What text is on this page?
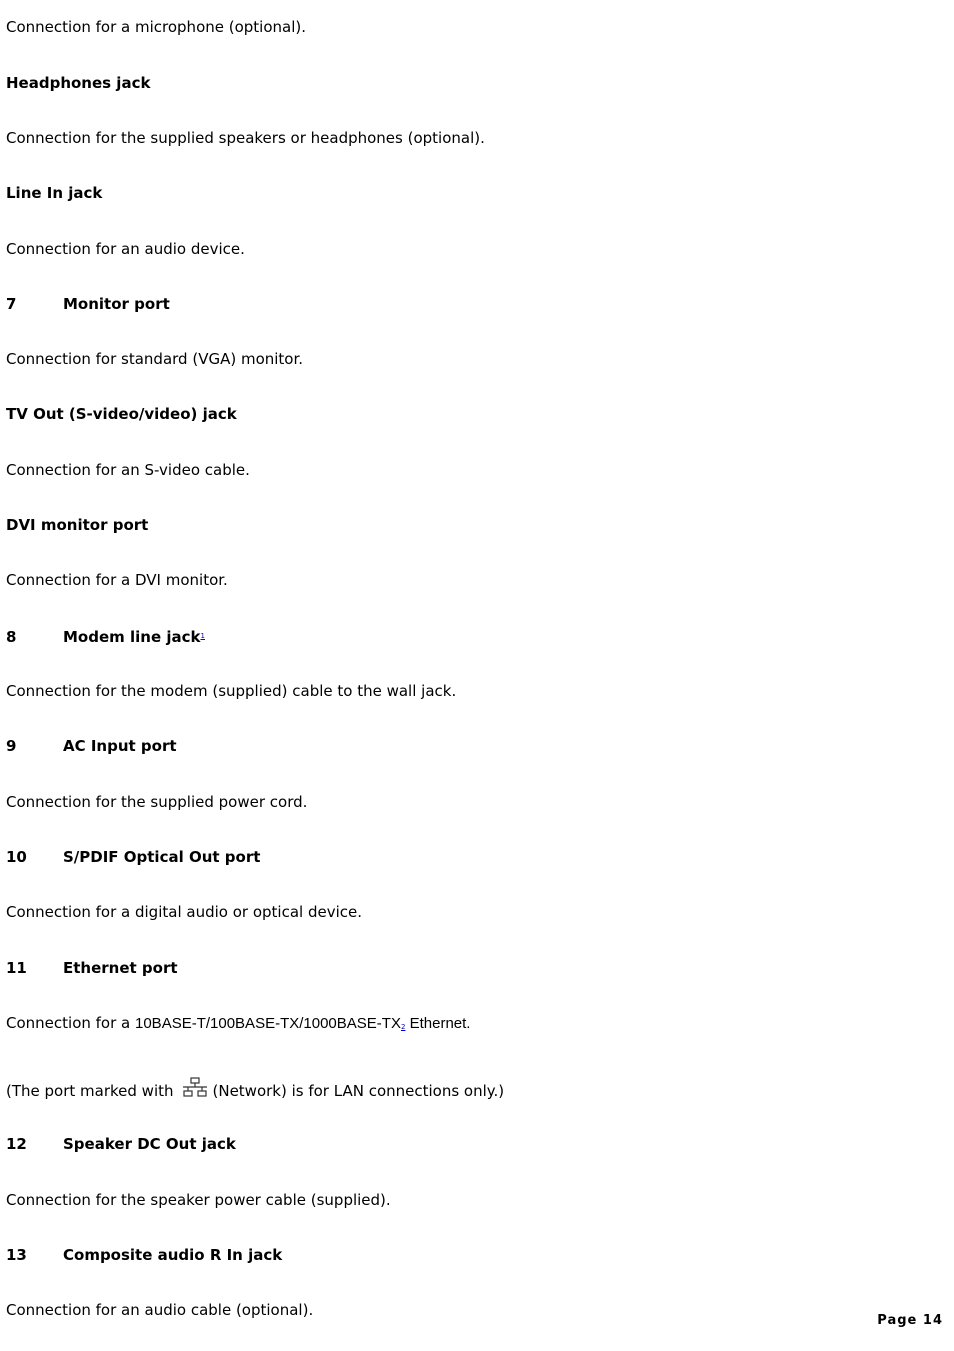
Connection for a microphone (optional).
Headphones jack
Connection for the supplied speakers or headphones (optional).
Line In jack
Connection for an audio device.
7	Monitor port
Connection for standard (VGA) monitor.
TV Out (S-video/video) jack
Connection for an S-video cable.
DVI monitor port
Connection for a DVI monitor.
8	Modem line jack$^1$
Connection for the modem (supplied) cable to the wall jack.
9	AC Input port
Connection for the supplied power cord.
10 S/PDIF Optical Out port
Connection for a digital audio or optical device.
11 Ethernet port
Connection for a 10BASE-T/100BASE-TX/1000BASE-TX2 Ethernet.
(The port marked with	(Network) is for LAN connections only.)
12 Speaker DC Out jack
Connection for the speaker power cable (supplied).
13 Composite audio R In jack
Connection for an audio cable (optional).
Page 14
